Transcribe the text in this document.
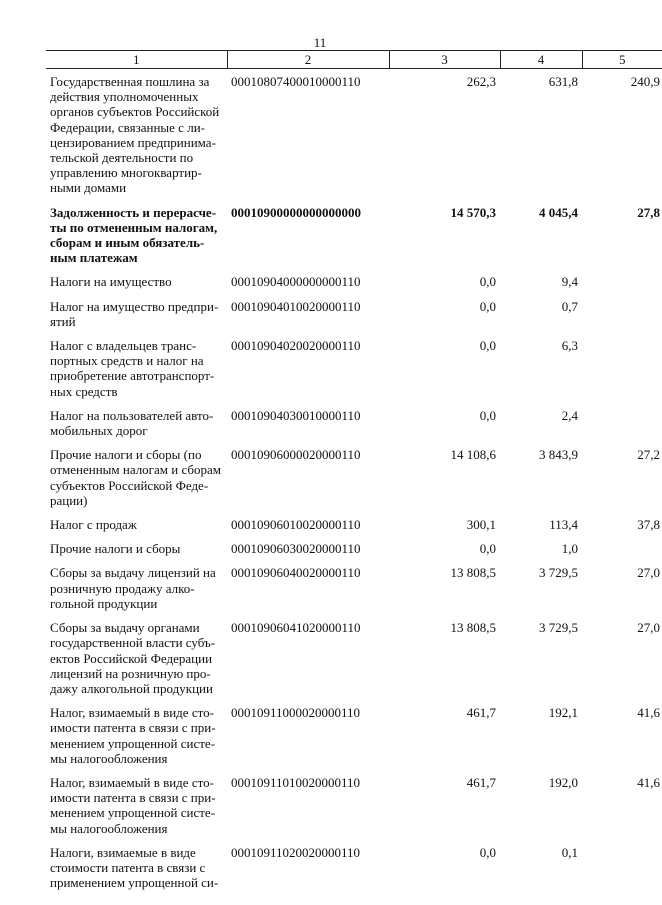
11
1	2	3	4	5
Государственная пошлина за действия уполномоченных органов субъектов Российской Федерации, связанные с ли- цензированием предпринима- тельской деятельности по управлению многоквартир- ными домами	00010807400010000110	262,3	631,8	240,9
Задолженность и перерасче- ты по отмененным налогам, сборам и иным обязатель- ным платежам	00010900000000000000	14 570,3	4 045,4	27,8
Налоги на имущество	00010904000000000110	0,0	9,4	
Налог на имущество предпри- ятий	00010904010020000110	0,0	0,7	
Налог с владельцев транс- портных средств и налог на приобретение автотранспорт- ных средств	00010904020020000110	0,0	6,3	
Налог на пользователей авто- мобильных дорог	00010904030010000110	0,0	2,4	
Прочие налоги и сборы (по отмененным налогам и сборам субъектов Российской Феде- рации)	00010906000020000110	14 108,6	3 843,9	27,2
Налог с продаж	00010906010020000110	300,1	113,4	37,8
Прочие налоги и сборы	00010906030020000110	0,0	1,0	
Сборы за выдачу лицензий на розничную продажу алко- гольной продукции	00010906040020000110	13 808,5	3 729,5	27,0
Сборы за выдачу органами государственной власти субъ- ектов Российской Федерации лицензий на розничную про- дажу алкогольной продукции	00010906041020000110	13 808,5	3 729,5	27,0
Налог, взимаемый в виде сто- имости патента в связи с при- менением упрощенной систе- мы налогообложения	00010911000020000110	461,7	192,1	41,6
Налог, взимаемый в виде сто- имости патента в связи с при- менением упрощенной систе- мы налогообложения	00010911010020000110	461,7	192,0	41,6
Налоги, взимаемые в виде стоимости патента в связи с применением упрощенной си-	00010911020020000110	0,0	0,1	
